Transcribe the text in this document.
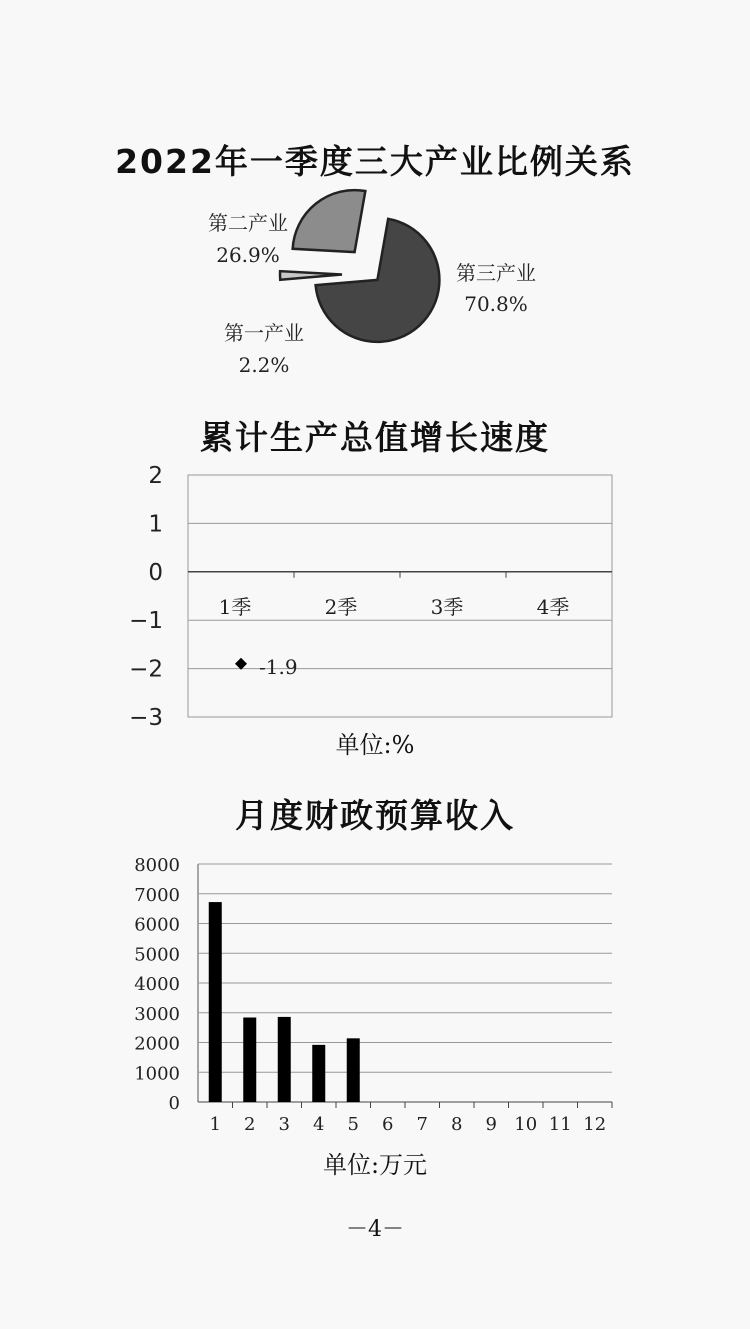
2022年一季度三大产业比例关系
第二产业
26.9%
第三产业
70.8%
第一产业
2.2%
累计生产总值增长速度
2
1
0
−1
−2
−3
1季	2季	3季	4季
-1.9
单位:%
月度财政预算收入
8000
7000
6000
5000
4000
3000
2000
1000
0
1 2 3 4 5 6 7 8 9 10 11 12
单位:万元
－4－
